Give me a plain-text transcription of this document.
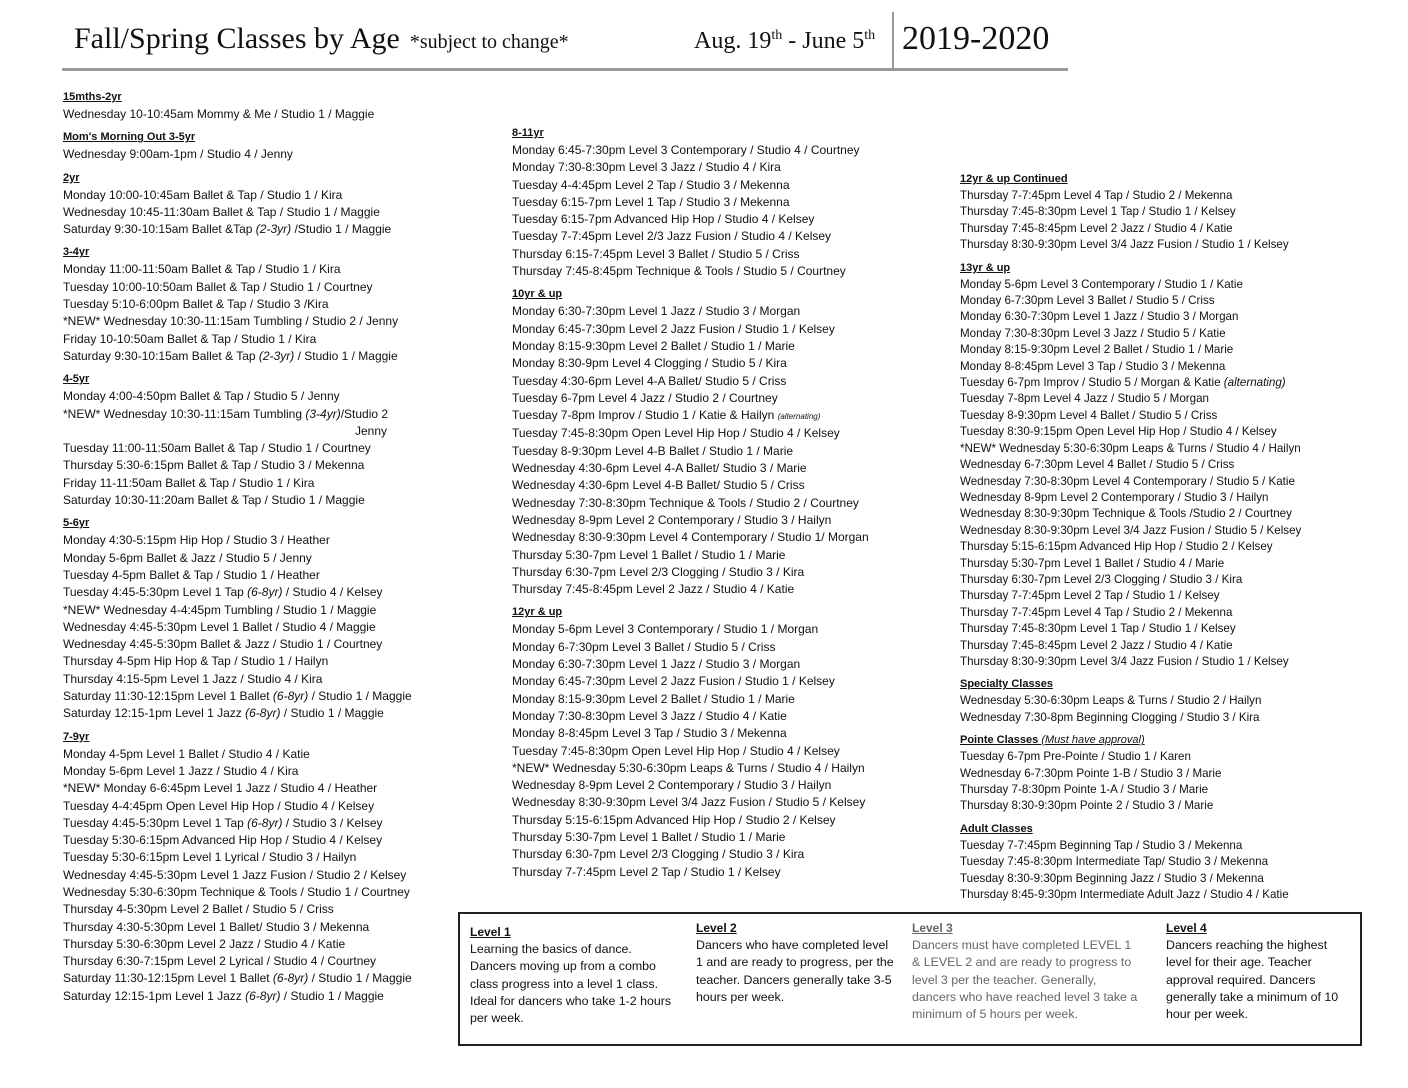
Fall/Spring Classes by Age *subject to change*	Aug. 19th - June 5th 2019-2020
15mths-2yr
Wednesday 10-10:45am Mommy & Me / Studio 1 / Maggie
Mom's Morning Out 3-5yr
Wednesday 9:00am-1pm / Studio 4 / Jenny
2yr
Monday 10:00-10:45am Ballet & Tap / Studio 1 / Kira
Wednesday 10:45-11:30am Ballet & Tap / Studio 1 / Maggie
Saturday 9:30-10:15am Ballet &Tap (2-3yr) /Studio 1 / Maggie
3-4yr
Monday 11:00-11:50am Ballet & Tap / Studio 1 / Kira
Tuesday 10:00-10:50am Ballet & Tap / Studio 1 / Courtney
Tuesday 5:10-6:00pm Ballet & Tap / Studio 3 /Kira
*NEW* Wednesday 10:30-11:15am Tumbling / Studio 2 / Jenny
Friday 10-10:50am Ballet & Tap / Studio 1 / Kira
Saturday 9:30-10:15am Ballet & Tap (2-3yr) / Studio 1 / Maggie
4-5yr
Monday 4:00-4:50pm Ballet & Tap / Studio 5 / Jenny
*NEW* Wednesday 10:30-11:15am Tumbling (3-4yr)/Studio 2
Jenny
Tuesday 11:00-11:50am Ballet & Tap / Studio 1 / Courtney
Thursday 5:30-6:15pm Ballet & Tap / Studio 3 / Mekenna
Friday 11-11:50am Ballet & Tap / Studio 1 / Kira
Saturday 10:30-11:20am Ballet & Tap / Studio 1 / Maggie
5-6yr
Monday 4:30-5:15pm Hip Hop / Studio 3 / Heather
Monday 5-6pm Ballet & Jazz / Studio 5 / Jenny
Tuesday 4-5pm Ballet & Tap / Studio 1 / Heather
Tuesday 4:45-5:30pm Level 1 Tap (6-8yr) / Studio 4 / Kelsey
*NEW* Wednesday 4-4:45pm Tumbling / Studio 1 / Maggie
Wednesday 4:45-5:30pm Level 1 Ballet / Studio 4 / Maggie
Wednesday 4:45-5:30pm Ballet & Jazz / Studio 1 / Courtney
Thursday 4-5pm Hip Hop & Tap / Studio 1 / Hailyn
Thursday 4:15-5pm Level 1 Jazz / Studio 4 / Kira
Saturday 11:30-12:15pm Level 1 Ballet (6-8yr) / Studio 1 / Maggie
Saturday 12:15-1pm Level 1 Jazz (6-8yr) / Studio 1 / Maggie
7-9yr
Monday 4-5pm Level 1 Ballet / Studio 4 / Katie
Monday 5-6pm Level 1 Jazz / Studio 4 / Kira
*NEW* Monday 6-6:45pm Level 1 Jazz / Studio 4 / Heather
Tuesday 4-4:45pm Open Level Hip Hop / Studio 4 / Kelsey
Tuesday 4:45-5:30pm Level 1 Tap (6-8yr) / Studio 3 / Kelsey
Tuesday 5:30-6:15pm Advanced Hip Hop / Studio 4 / Kelsey
Tuesday 5:30-6:15pm Level 1 Lyrical / Studio 3 / Hailyn
Wednesday 4:45-5:30pm Level 1 Jazz Fusion / Studio 2 / Kelsey
Wednesday 5:30-6:30pm Technique & Tools / Studio 1 / Courtney
Thursday 4-5:30pm Level 2 Ballet / Studio 5 / Criss
Thursday 4:30-5:30pm Level 1 Ballet/ Studio 3 / Mekenna
Thursday 5:30-6:30pm Level 2 Jazz / Studio 4 / Katie
Thursday 6:30-7:15pm Level 2 Lyrical / Studio 4 / Courtney
Saturday 11:30-12:15pm Level 1 Ballet (6-8yr) / Studio 1 / Maggie
Saturday 12:15-1pm Level 1 Jazz (6-8yr) / Studio 1 / Maggie
8-11yr
Monday 6:45-7:30pm Level 3 Contemporary / Studio 4 / Courtney
Monday 7:30-8:30pm Level 3 Jazz / Studio 4 / Kira
Tuesday 4-4:45pm Level 2 Tap / Studio 3 / Mekenna
Tuesday 6:15-7pm Level 1 Tap / Studio 3 / Mekenna
Tuesday 6:15-7pm Advanced Hip Hop / Studio 4 / Kelsey
Tuesday 7-7:45pm Level 2/3 Jazz Fusion / Studio 4 / Kelsey
Thursday 6:15-7:45pm Level 3 Ballet / Studio 5 / Criss
Thursday 7:45-8:45pm Technique & Tools / Studio 5 / Courtney
10yr & up
Monday 6:30-7:30pm Level 1 Jazz / Studio 3 / Morgan
Monday 6:45-7:30pm Level 2 Jazz Fusion / Studio 1 / Kelsey
Monday 8:15-9:30pm Level 2 Ballet / Studio 1 / Marie
Monday 8:30-9pm Level 4 Clogging / Studio 5 / Kira
Tuesday 4:30-6pm Level 4-A Ballet/ Studio 5 / Criss
Tuesday 6-7pm Level 4 Jazz / Studio 2 / Courtney
Tuesday 7-8pm Improv / Studio 1 / Katie & Hailyn (alternating)
Tuesday 7:45-8:30pm Open Level Hip Hop / Studio 4 / Kelsey
Tuesday 8-9:30pm Level 4-B Ballet / Studio 1 / Marie
Wednesday 4:30-6pm Level 4-A Ballet/ Studio 3 / Marie
Wednesday 4:30-6pm Level 4-B Ballet/ Studio 5 / Criss
Wednesday 7:30-8:30pm Technique & Tools / Studio 2 / Courtney
Wednesday 8-9pm Level 2 Contemporary / Studio 3 / Hailyn
Wednesday 8:30-9:30pm Level 4 Contemporary / Studio 1/ Morgan
Thursday 5:30-7pm Level 1 Ballet / Studio 1 / Marie
Thursday 6:30-7pm Level 2/3 Clogging / Studio 3 / Kira
Thursday 7:45-8:45pm Level 2 Jazz / Studio 4 / Katie
12yr & up
Monday 5-6pm Level 3 Contemporary / Studio 1 / Morgan
Monday 6-7:30pm Level 3 Ballet / Studio 5 / Criss
Monday 6:30-7:30pm Level 1 Jazz / Studio 3 / Morgan
Monday 6:45-7:30pm Level 2 Jazz Fusion / Studio 1 / Kelsey
Monday 8:15-9:30pm Level 2 Ballet / Studio 1 / Marie
Monday 7:30-8:30pm Level 3 Jazz / Studio 4 / Katie
Monday 8-8:45pm Level 3 Tap / Studio 3 / Mekenna
Tuesday 7:45-8:30pm Open Level Hip Hop / Studio 4 / Kelsey
*NEW* Wednesday 5:30-6:30pm Leaps & Turns / Studio 4 / Hailyn
Wednesday 8-9pm Level 2 Contemporary / Studio 3 / Hailyn
Wednesday 8:30-9:30pm Level 3/4 Jazz Fusion / Studio 5 / Kelsey
Thursday 5:15-6:15pm Advanced Hip Hop / Studio 2 / Kelsey
Thursday 5:30-7pm Level 1 Ballet / Studio 1 / Marie
Thursday 6:30-7pm Level 2/3 Clogging / Studio 3 / Kira
Thursday 7-7:45pm Level 2 Tap / Studio 1 / Kelsey
12yr & up Continued
Thursday 7-7:45pm Level 4 Tap / Studio 2 / Mekenna
Thursday 7:45-8:30pm Level 1 Tap / Studio 1 / Kelsey
Thursday 7:45-8:45pm Level 2 Jazz / Studio 4 / Katie
Thursday 8:30-9:30pm Level 3/4 Jazz Fusion / Studio 1 / Kelsey
13yr & up
Monday 5-6pm Level 3 Contemporary / Studio 1 / Katie
Monday 6-7:30pm Level 3 Ballet / Studio 5 / Criss
Monday 6:30-7:30pm Level 1 Jazz / Studio 3 / Morgan
Monday 7:30-8:30pm Level 3 Jazz / Studio 5 / Katie
Monday 8:15-9:30pm Level 2 Ballet / Studio 1 / Marie
Monday 8-8:45pm Level 3 Tap / Studio 3 / Mekenna
Tuesday 6-7pm Improv / Studio 5 / Morgan & Katie (alternating)
Tuesday 7-8pm Level 4 Jazz / Studio 5 / Morgan
Tuesday 8-9:30pm Level 4 Ballet / Studio 5 / Criss
Tuesday 8:30-9:15pm Open Level Hip Hop / Studio 4 / Kelsey
*NEW* Wednesday 5:30-6:30pm Leaps & Turns / Studio 4 / Hailyn
Wednesday 6-7:30pm Level 4 Ballet / Studio 5 / Criss
Wednesday 7:30-8:30pm Level 4 Contemporary / Studio 5 / Katie
Wednesday 8-9pm Level 2 Contemporary / Studio 3 / Hailyn
Wednesday 8:30-9:30pm Technique & Tools /Studio 2 / Courtney
Wednesday 8:30-9:30pm Level 3/4 Jazz Fusion / Studio 5 / Kelsey
Thursday 5:15-6:15pm Advanced Hip Hop / Studio 2 / Kelsey
Thursday 5:30-7pm Level 1 Ballet / Studio 4 / Marie
Thursday 6:30-7pm Level 2/3 Clogging / Studio 3 / Kira
Thursday 7-7:45pm Level 2 Tap / Studio 1 / Kelsey
Thursday 7-7:45pm Level 4 Tap / Studio 2 / Mekenna
Thursday 7:45-8:30pm Level 1 Tap / Studio 1 / Kelsey
Thursday 7:45-8:45pm Level 2 Jazz / Studio 4 / Katie
Thursday 8:30-9:30pm Level 3/4 Jazz Fusion / Studio 1 / Kelsey
Specialty Classes
Wednesday 5:30-6:30pm Leaps & Turns / Studio 2 / Hailyn
Wednesday 7:30-8pm Beginning Clogging / Studio 3 / Kira
Pointe Classes (Must have approval)
Tuesday 6-7pm Pre-Pointe / Studio 1 / Karen
Wednesday 6-7:30pm Pointe 1-B / Studio 3 / Marie
Thursday 7-8:30pm Pointe 1-A / Studio 3 / Marie
Thursday 8:30-9:30pm Pointe 2 / Studio 3 / Marie
Adult Classes
Tuesday 7-7:45pm Beginning Tap / Studio 3 / Mekenna
Tuesday 7:45-8:30pm Intermediate Tap/ Studio 3 / Mekenna
Tuesday 8:30-9:30pm Beginning Jazz / Studio 3 / Mekenna
Thursday 8:45-9:30pm Intermediate Adult Jazz / Studio 4 / Katie
Level 1
Learning the basics of dance. Dancers moving up from a combo class progress into a level 1 class. Ideal for dancers who take 1-2 hours per week.
Level 2
Dancers who have completed level 1 and are ready to progress, per the teacher. Dancers generally take 3-5 hours per week.
Level 3
Dancers must have completed LEVEL 1 & LEVEL 2 and are ready to progress to level 3 per the teacher. Generally, dancers who have reached level 3 take a minimum of 5 hours per week.
Level 4
Dancers reaching the highest level for their age. Teacher approval required. Dancers generally take a minimum of 10 hour per week.
